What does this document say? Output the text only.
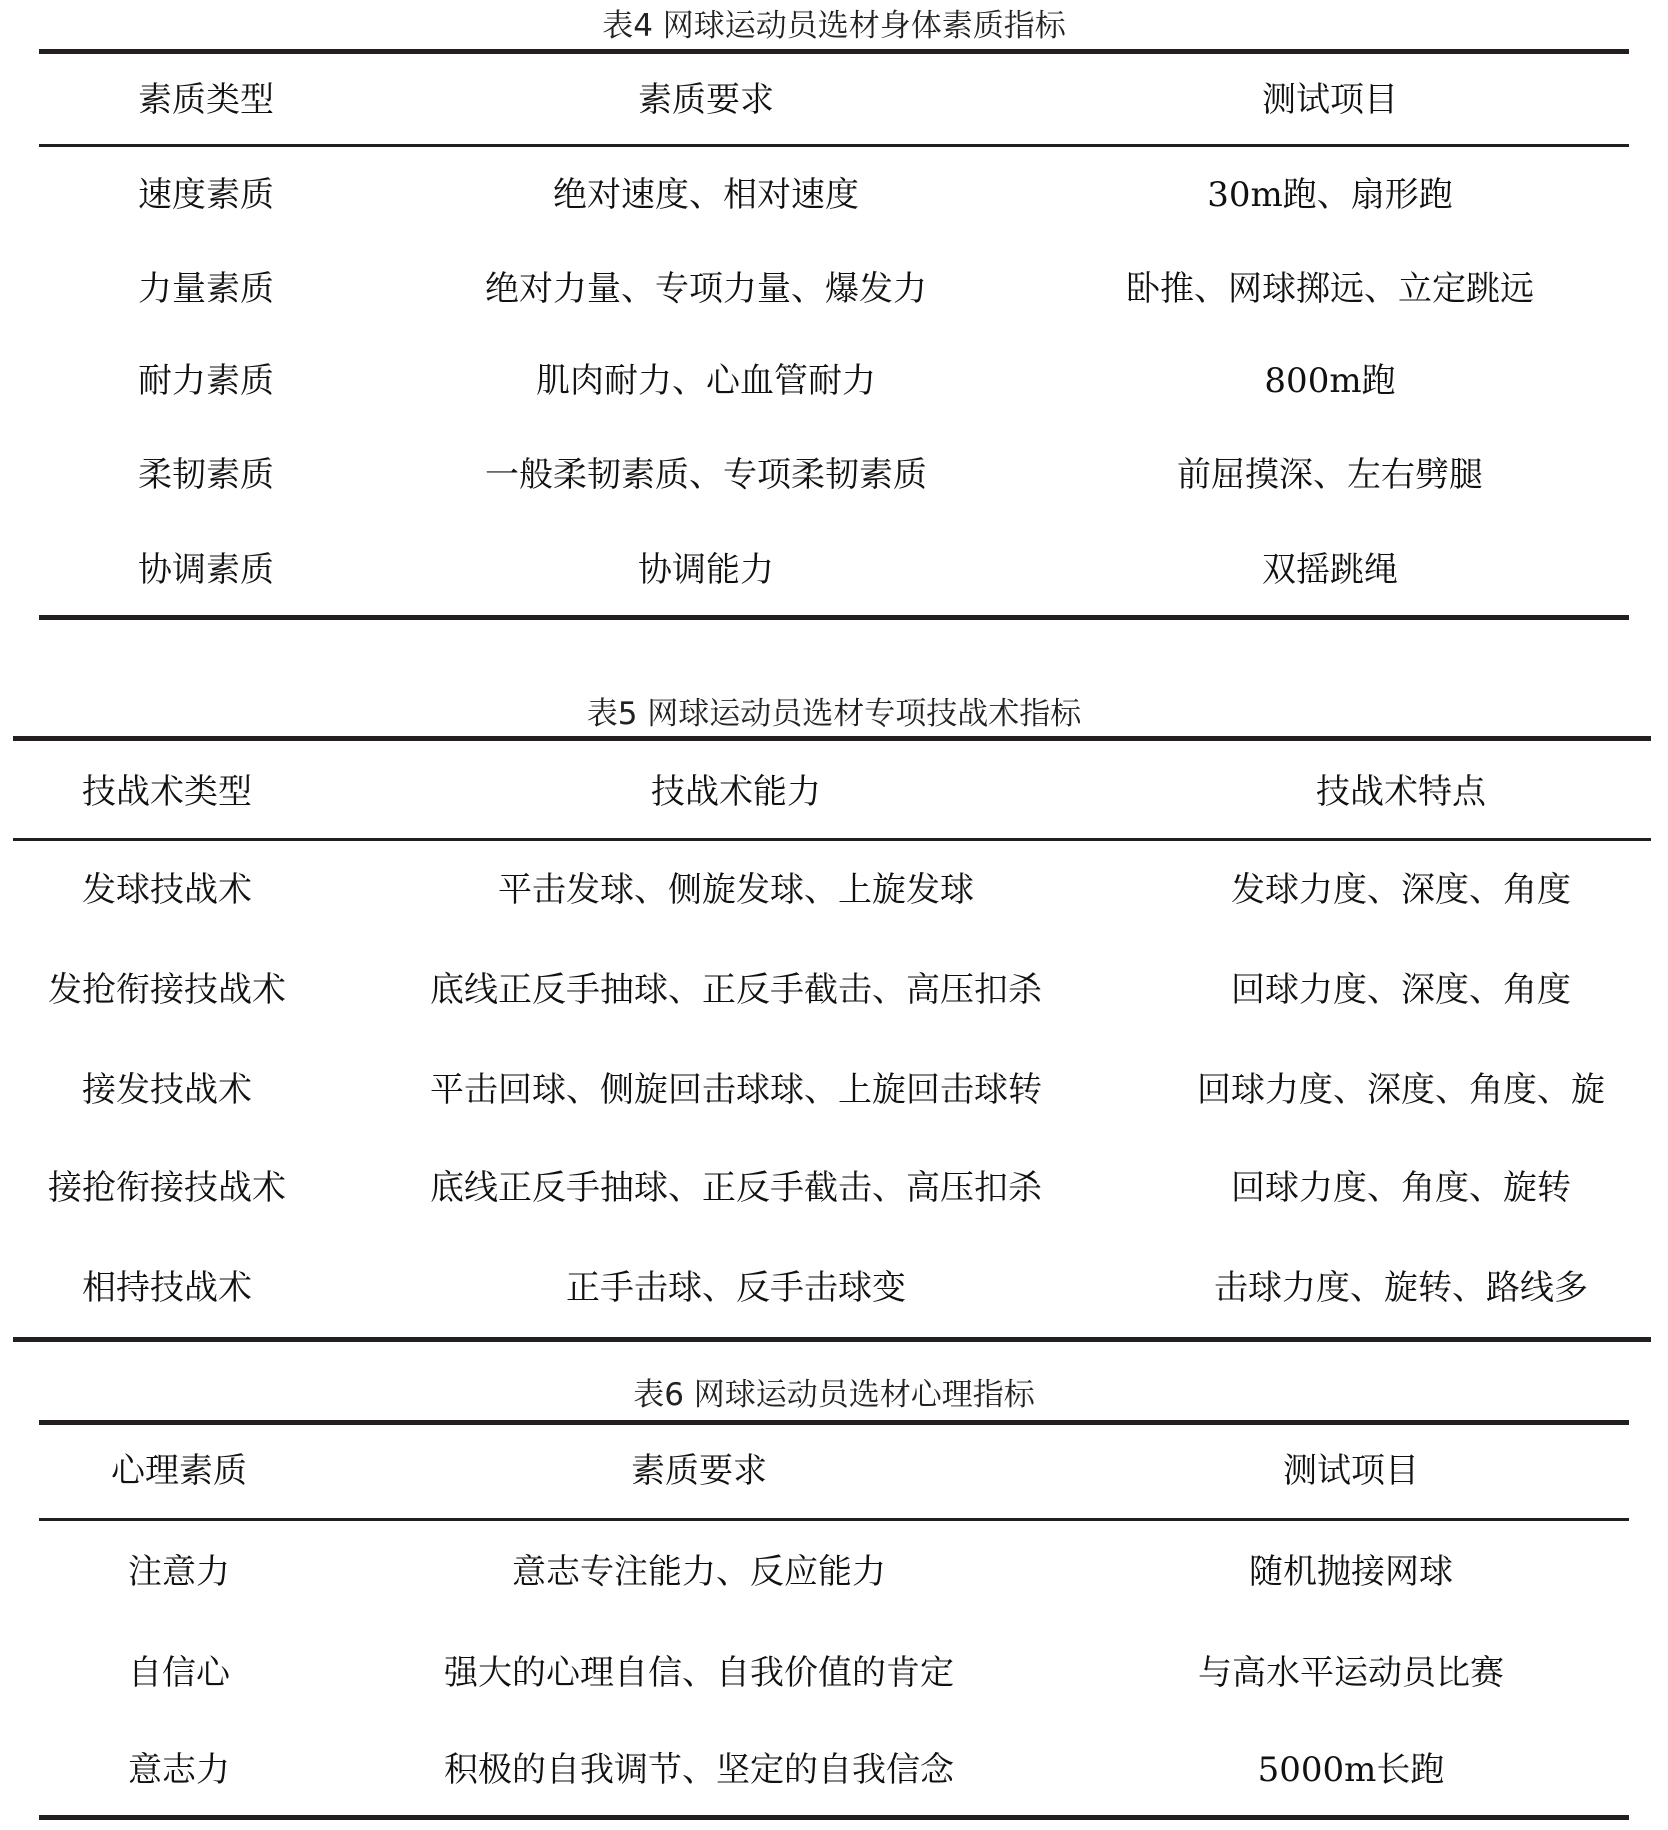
表4 网球运动员选材身体素质指标
素质类型	素质要求	测试项目
速度素质	绝对速度、相对速度	30m跑、扇形跑
力量素质	绝对力量、专项力量、爆发力	卧推、网球掷远、立定跳远
耐力素质	肌肉耐力、心血管耐力	800m跑
柔韧素质	一般柔韧素质、专项柔韧素质	前屈摸深、左右劈腿
协调素质	协调能力	双摇跳绳
表5 网球运动员选材专项技战术指标
技战术类型	技战术能力	技战术特点
发球技战术	平击发球、侧旋发球、上旋发球	发球力度、深度、角度
发抢衔接技战术	底线正反手抽球、正反手截击、高压扣杀	回球力度、深度、角度
接发技战术	平击回球、侧旋回击球球、上旋回击球转	回球力度、深度、角度、旋
接抢衔接技战术	底线正反手抽球、正反手截击、高压扣杀	回球力度、角度、旋转
相持技战术	正手击球、反手击球变	击球力度、旋转、路线多
表6 网球运动员选材心理指标
心理素质	素质要求	测试项目
注意力	意志专注能力、反应能力	随机抛接网球
自信心	强大的心理自信、自我价值的肯定	与高水平运动员比赛
意志力	积极的自我调节、坚定的自我信念	5000m长跑
